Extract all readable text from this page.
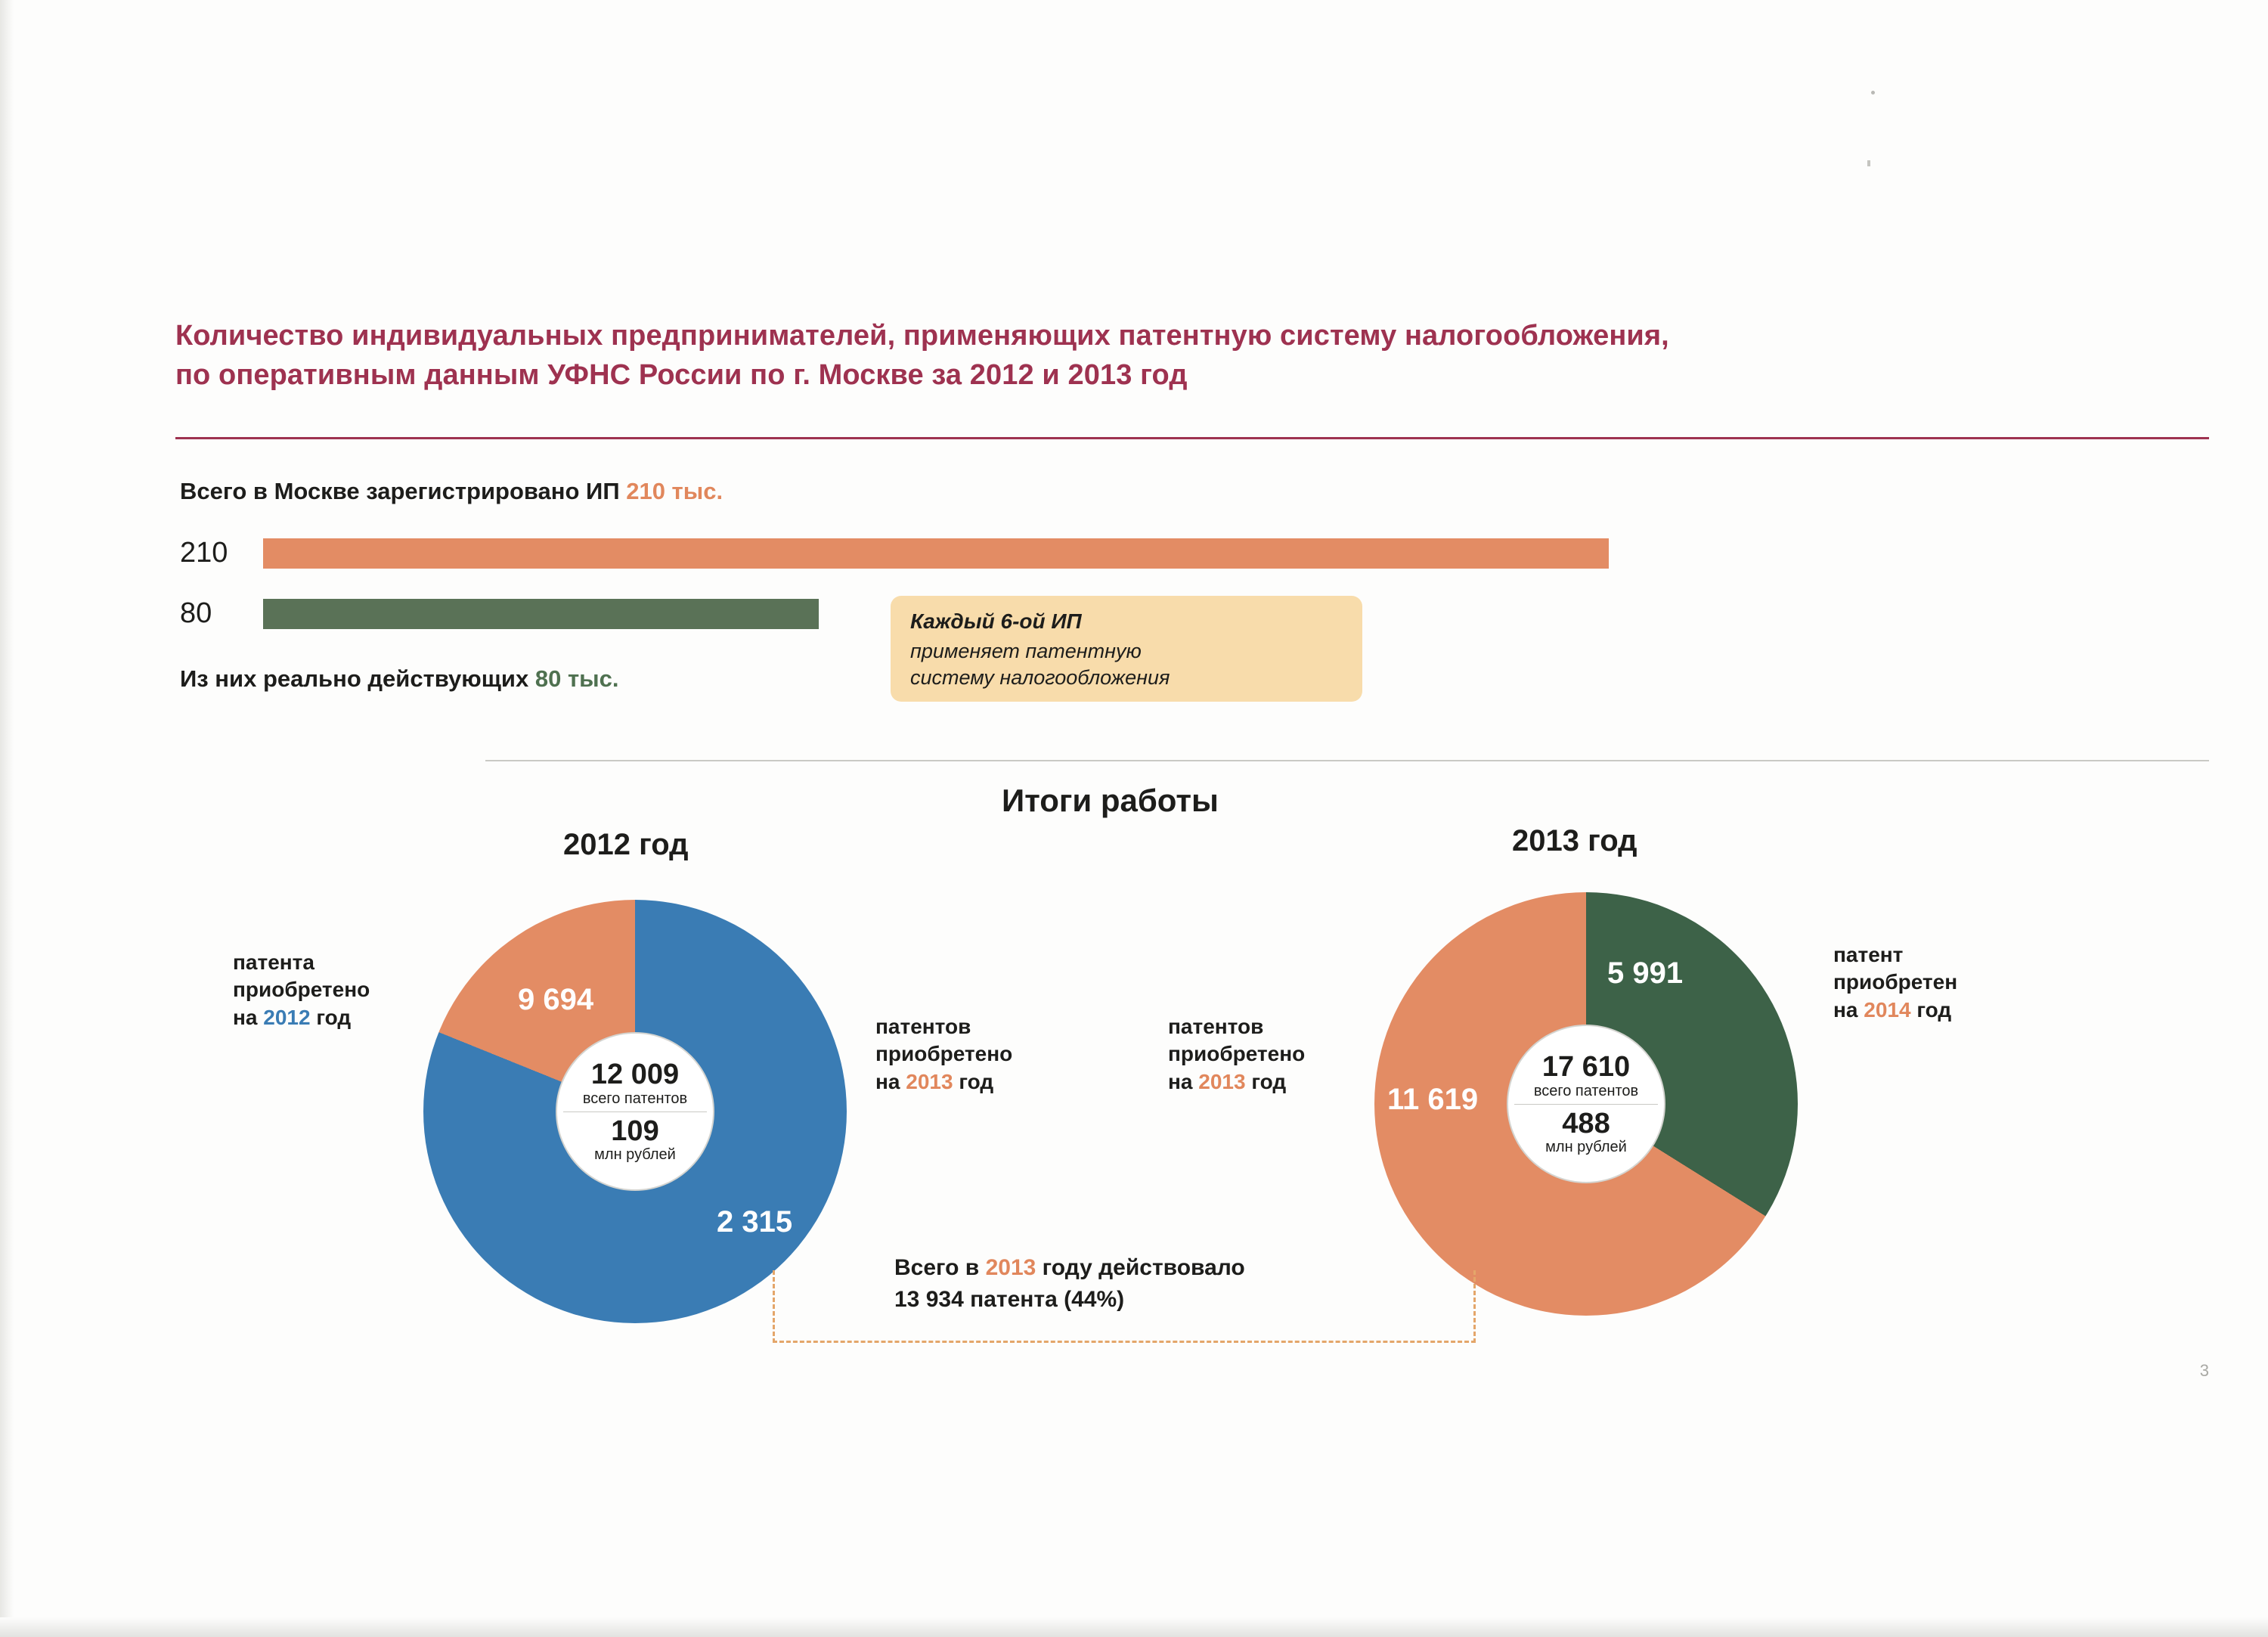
Количество индивидуальных предпринимателей, применяющих патентную систему налогообложения,
по оперативным данным УФНС России по г. Москве за 2012 и 2013 год
Всего в Москве зарегистрировано ИП 210 тыс.
210
80
Из них реально действующих 80 тыс.
Каждый 6-ой ИП
применяет патентную
систему налогообложения
Итоги работы
2012 год	2013 год
12 009
всего патентов
109
млн рублей
9 694
2 315
17 610
всего патентов
488
млн рублей
5 991
11 619
патента
приобретено
на 2012 год	патентов
приобретено
на 2013 год
патентов
приобретено
на 2013 год
патент
приобретен
на 2014 год
Всего в 2013 году действовало
13 934 патента (44%)
3
